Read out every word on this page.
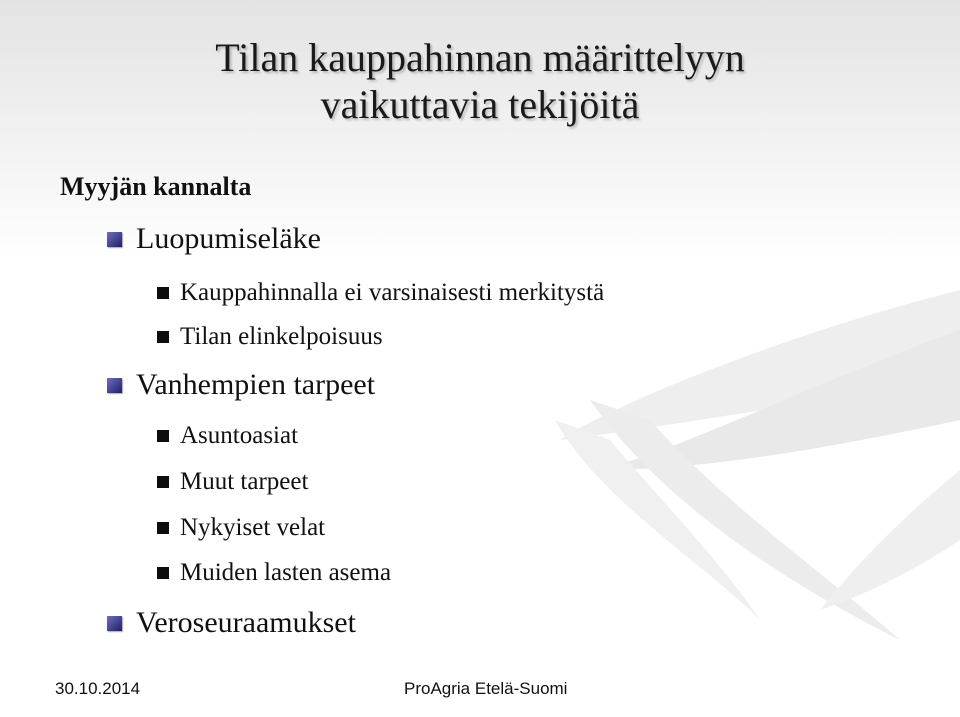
Tilan kauppahinnan määrittelyyn
vaikuttavia tekijöitä
Myyjän kannalta
Luopumiseläke
Kauppahinnalla ei varsinaisesti merkitystä
Tilan elinkelpoisuus
Vanhempien tarpeet
Asuntoasiat
Muut tarpeet
Nykyiset velat
Muiden lasten asema
Veroseuraamukset
30.10.2014	ProAgria Etelä-Suomi
